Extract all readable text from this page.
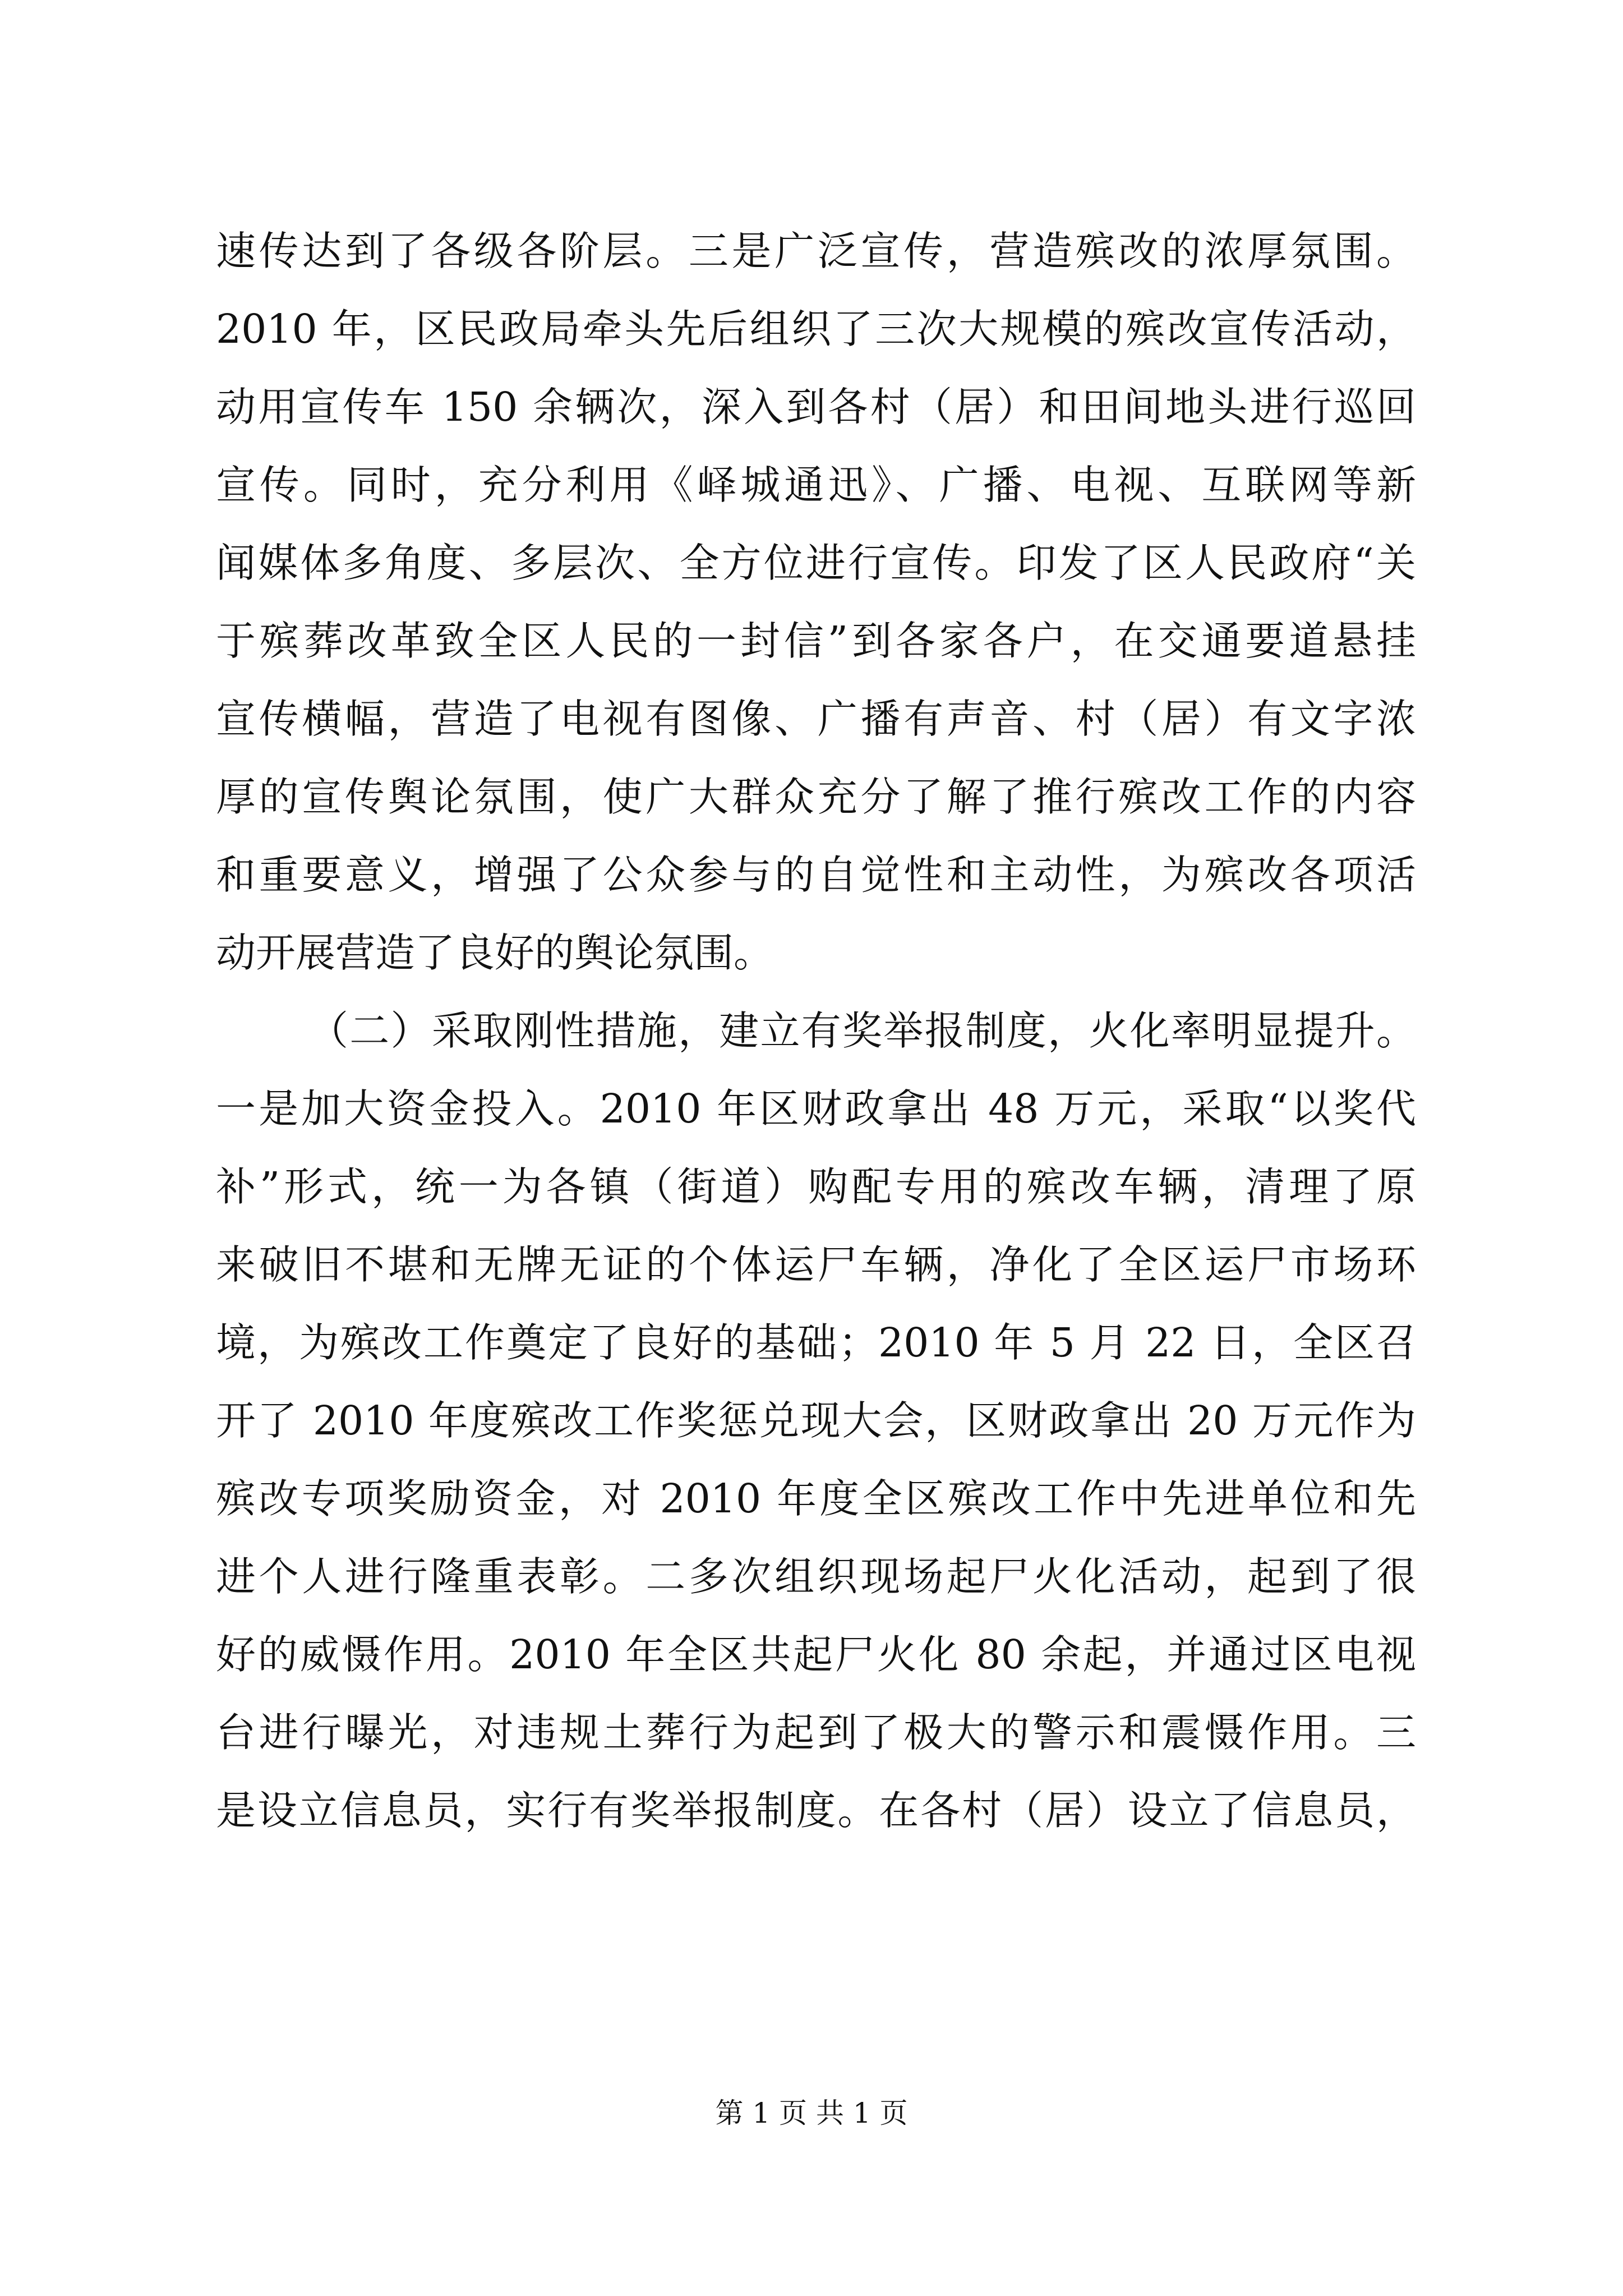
速传达到了各级各阶层。三是广泛宣传，营造殡改的浓厚氛围。
2010 年，区民政局牵头先后组织了三次大规模的殡改宣传活动，
动用宣传车 150 余辆次，深入到各村（居）和田间地头进行巡回
宣传。同时，充分利用《峄城通迅》、广播、电视、互联网等新
闻媒体多角度、多层次、全方位进行宣传。印发了区人民政府“关
于殡葬改革致全区人民的一封信”到各家各户，在交通要道悬挂
宣传横幅，营造了电视有图像、广播有声音、村（居）有文字浓
厚的宣传舆论氛围，使广大群众充分了解了推行殡改工作的内容
和重要意义，增强了公众参与的自觉性和主动性，为殡改各项活
动开展营造了良好的舆论氛围。
（二）采取刚性措施，建立有奖举报制度，火化率明显提升。
一是加大资金投入。2010 年区财政拿出 48 万元，采取“以奖代
补”形式，统一为各镇（街道）购配专用的殡改车辆，清理了原
来破旧不堪和无牌无证的个体运尸车辆，净化了全区运尸市场环
境，为殡改工作奠定了良好的基础；2010 年 5 月 22 日，全区召
开了 2010 年度殡改工作奖惩兑现大会，区财政拿出 20 万元作为
殡改专项奖励资金，对 2010 年度全区殡改工作中先进单位和先
进个人进行隆重表彰。二多次组织现场起尸火化活动，起到了很
好的威慑作用。2010 年全区共起尸火化 80 余起，并通过区电视
台进行曝光，对违规土葬行为起到了极大的警示和震慑作用。三
是设立信息员，实行有奖举报制度。在各村（居）设立了信息员，
第 1 页 共 1 页
